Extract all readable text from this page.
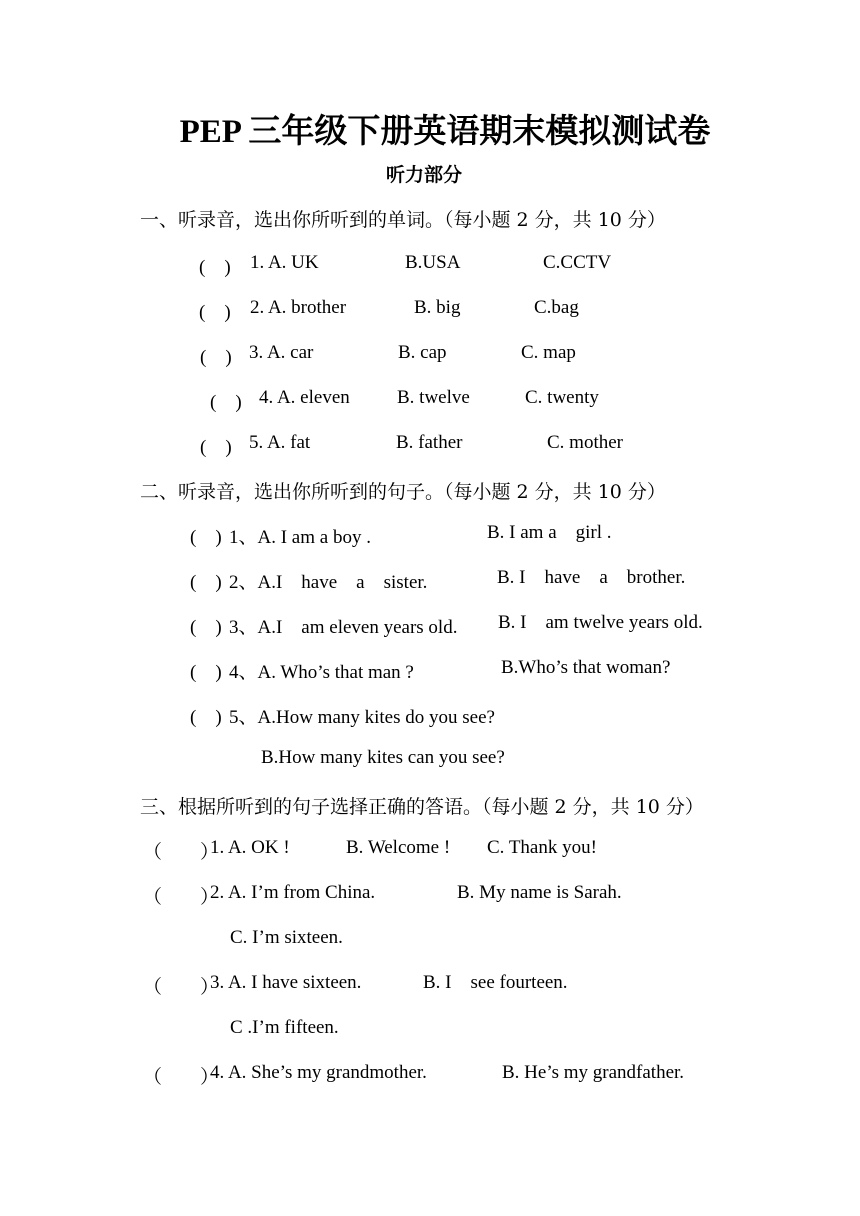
PEP 三年级下册英语期末模拟测试卷
听力部分
一、听录音，选出你所听到的单词。（每小题 2 分，共 10 分）
(　) 1. A. UK	B.USA	C.CCTV
(　) 2. A. brother	B. big	C.bag
(　) 3. A. car	B. cap	C. map
(　) 4. A. eleven B. twelve	C. twenty
(　) 5. A. fat	B. father	C. mother
二、听录音，选出你所听到的句子。（每小题 2 分，共 10 分）
(　) 1、A. I am a boy .	B. I am a    girl .
(　) 2、A.I    have    a    sister.	B. I    have    a    brother.
(　) 3、A.I    am eleven years old. B. I    am twelve years old.
(　) 4、A. Who’s that man ?	B.Who’s that woman?
(　) 5、A.How many kites do you see?
B.How many kites can you see?
三、根据所听到的句子选择正确的答语。（每小题 2 分，共 10 分）
（　　）
1. A. OK !	B. Welcome ! C. Thank you!
（　　）
2. A. I’m from China.	B. My name is Sarah.
C. I’m sixteen.
（　　）
3. A. I have sixteen.	B. I    see fourteen.
C .I’m fifteen.
（　　）
4. A. She’s my grandmother.	B. He’s my grandfather.
